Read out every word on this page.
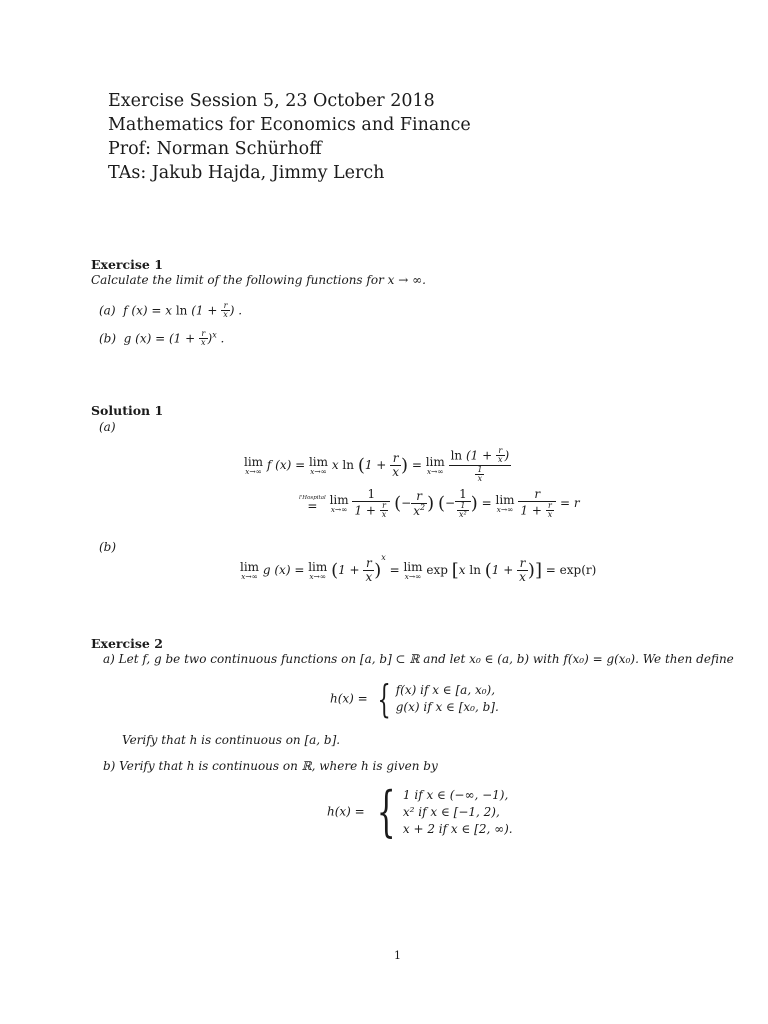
Exercise Session 5, 23 October 2018
Mathematics for Economics and Finance
Prof: Norman Schürhoff
TAs: Jakub Hajda, Jimmy Lerch
Exercise 1
Calculate the limit of the following functions for x → ∞.
(a)  f (x) = x $\ln (1 + \frac{r}{x}$ ) .
(b)  g $(x) = (1 + \frac{r}{x} )^x$ .
Solution 1
(a)
lim
x→∞ f (x) = lim
x→∞ x $\ln (1 + \frac{r}{x}$ ) = lim
x→∞
$\frac{\ln (1 + \frac{r}{x} )}{\frac{1}{x}}$
l'Hospital
=
	lim
x→∞
$\frac{1}{1 + \frac{r}{x}}$ (− $\frac{r}{x^2}$ ) (− $\frac{1}{\frac{1}{\text{x²}}}$ ) = lim
x→∞
$\frac{r}{1 + \frac{r}{x}} = r$
(b)
lim
x→∞ g (x) = lim
x→∞ $(1 + \frac{r}{x} )^x = \lim$
x→∞ exp [x $\ln (1 + \frac{r}{x}$ )] = exp(r)
Exercise 2
a) Let f, g be two continuous functions on [a, b] ⊂ ℝ and let x₀ ∈ (a, b) with f(x₀) = g(x₀). We then define
h(x) = { f(x) if x ∈ [a, x₀),
g(x) if x ∈ [x₀, b].
Verify that h is continuous on [a, b].
b) Verify that h is continuous on ℝ, where h is given by
h(x) = { 1 if x ∈ (−∞, −1),
x² if x ∈ [−1, 2),
x + 2 if x ∈ [2, ∞).
1
